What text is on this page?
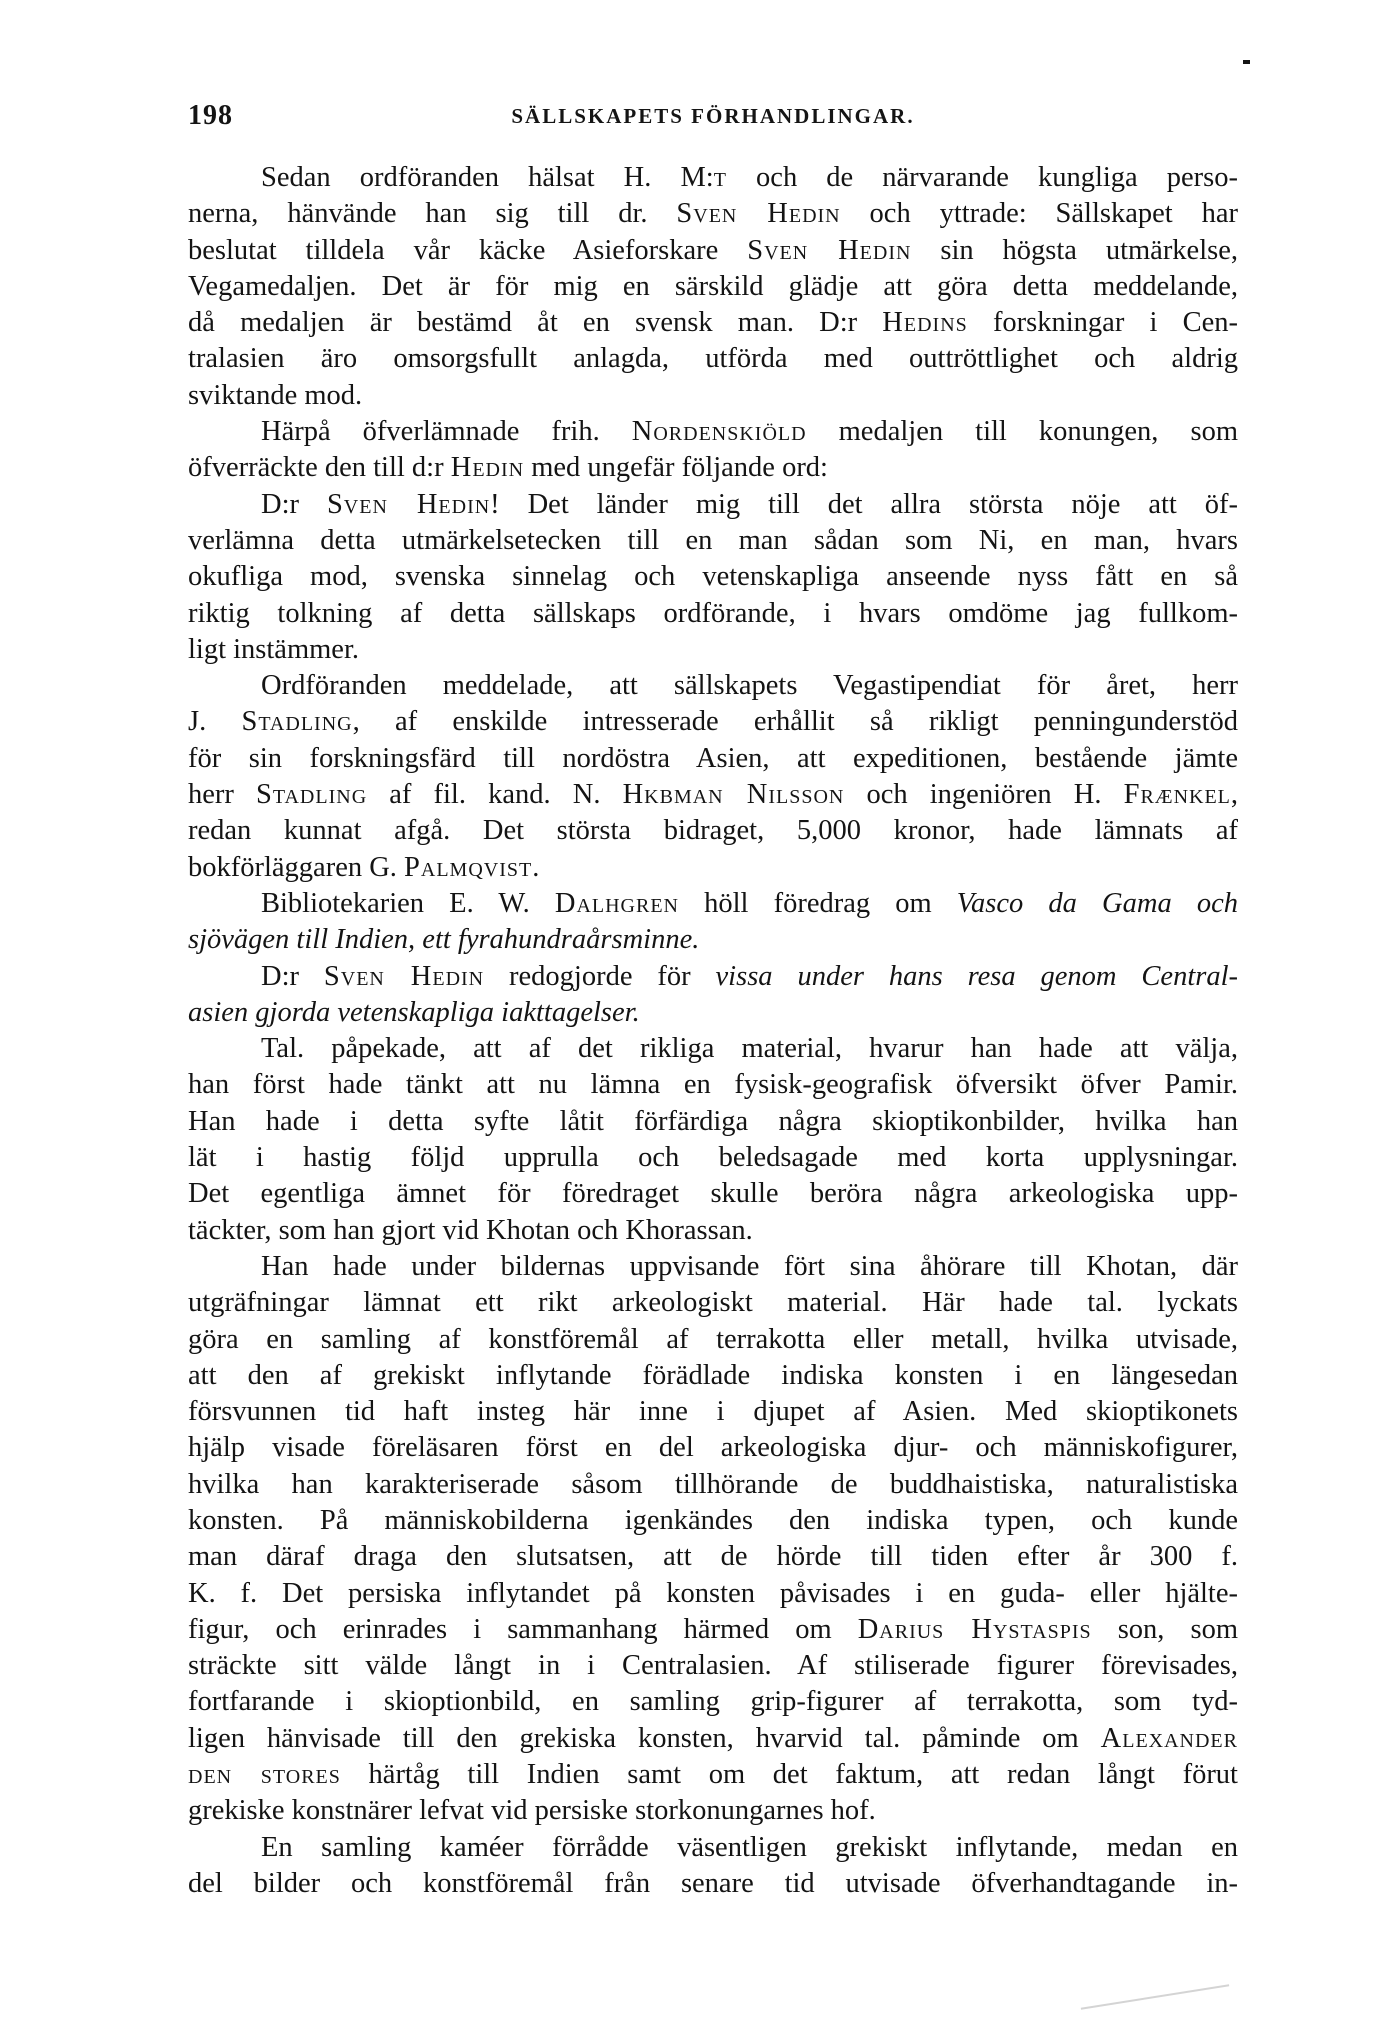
198	SÄLLSKAPETS FÖRHANDLINGAR.
Sedan ordföranden hälsat H. M:t och de närvarande kungliga perso-
nerna, hänvände han sig till dr. Sven Hedin och yttrade: Sällskapet har
beslutat tilldela vår käcke Asieforskare Sven Hedin sin högsta utmärkelse,
Vegamedaljen. Det är för mig en särskild glädje att göra detta meddelande,
då medaljen är bestämd åt en svensk man. D:r Hedins forskningar i Cen-
tralasien äro omsorgsfullt anlagda, utförda med outtröttlighet och aldrig
sviktande mod.
Härpå öfverlämnade frih. Nordenskiöld medaljen till konungen, som
öfverräckte den till d:r Hedin med ungefär följande ord:
D:r Sven Hedin! Det länder mig till det allra största nöje att öf-
verlämna detta utmärkelsetecken till en man sådan som Ni, en man, hvars
okufliga mod, svenska sinnelag och vetenskapliga anseende nyss fått en så
riktig tolkning af detta sällskaps ordförande, i hvars omdöme jag fullkom-
ligt instämmer.
Ordföranden meddelade, att sällskapets Vegastipendiat för året, herr
J. Stadling, af enskilde intresserade erhållit så rikligt penningunderstöd
för sin forskningsfärd till nordöstra Asien, att expeditionen, bestående jämte
herr Stadling af fil. kand. N. Hkbman Nilsson och ingeniören H. Frænkel,
redan kunnat afgå. Det största bidraget, 5,000 kronor, hade lämnats af
bokförläggaren G. Palmqvist.
Bibliotekarien E. W. Dalhgren höll föredrag om Vasco da Gama och
sjövägen till Indien, ett fyrahundraårsminne.
D:r Sven Hedin redogjorde för vissa under hans resa genom Central-
asien gjorda vetenskapliga iakttagelser.
Tal. påpekade, att af det rikliga material, hvarur han hade att välja,
han först hade tänkt att nu lämna en fysisk-geografisk öfversikt öfver Pamir.
Han hade i detta syfte låtit förfärdiga några skioptikonbilder, hvilka han
lät i hastig följd upprulla och beledsagade med korta upplysningar.
Det egentliga ämnet för föredraget skulle beröra några arkeologiska upp-
täckter, som han gjort vid Khotan och Khorassan.
Han hade under bildernas uppvisande fört sina åhörare till Khotan, där
utgräfningar lämnat ett rikt arkeologiskt material. Här hade tal. lyckats
göra en samling af konstföremål af terrakotta eller metall, hvilka utvisade,
att den af grekiskt inflytande förädlade indiska konsten i en längesedan
försvunnen tid haft insteg här inne i djupet af Asien. Med skioptikonets
hjälp visade föreläsaren först en del arkeologiska djur- och människofigurer,
hvilka han karakteriserade såsom tillhörande de buddhaistiska, naturalistiska
konsten. På människobilderna igenkändes den indiska typen, och kunde
man däraf draga den slutsatsen, att de hörde till tiden efter år 300 f.
K. f. Det persiska inflytandet på konsten påvisades i en guda- eller hjälte-
figur, och erinrades i sammanhang härmed om Darius Hystaspis son, som
sträckte sitt välde långt in i Centralasien. Af stiliserade figurer förevisades,
fortfarande i skioptionbild, en samling grip-figurer af terrakotta, som tyd-
ligen hänvisade till den grekiska konsten, hvarvid tal. påminde om Alexander
den stores härtåg till Indien samt om det faktum, att redan långt förut
grekiske konstnärer lefvat vid persiske storkonungarnes hof.
En samling kaméer förrådde väsentligen grekiskt inflytande, medan en
del bilder och konstföremål från senare tid utvisade öfverhandtagande in-
